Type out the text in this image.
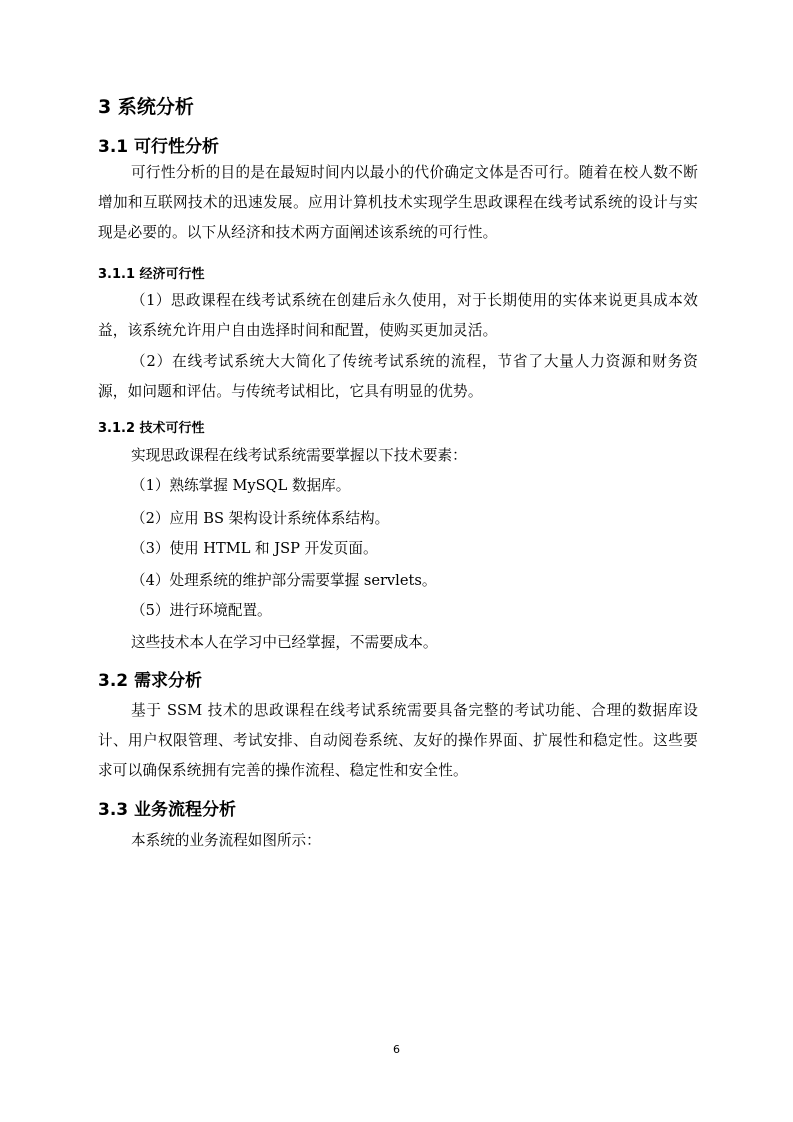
3 系统分析
3.1 可行性分析
可行性分析的目的是在最短时间内以最小的代价确定文体是否可行。随着在校人数不断增加和互联网技术的迅速发展。应用计算机技术实现学生思政课程在线考试系统的设计与实现是必要的。以下从经济和技术两方面阐述该系统的可行性。
3.1.1 经济可行性
（1）思政课程在线考试系统在创建后永久使用，对于长期使用的实体来说更具成本效益，该系统允许用户自由选择时间和配置，使购买更加灵活。
（2）在线考试系统大大简化了传统考试系统的流程，节省了大量人力资源和财务资源，如问题和评估。与传统考试相比，它具有明显的优势。
3.1.2 技术可行性
实现思政课程在线考试系统需要掌握以下技术要素：
（1）熟练掌握 MySQL 数据库。
（2）应用 BS 架构设计系统体系结构。
（3）使用 HTML 和 JSP 开发页面。
（4）处理系统的维护部分需要掌握 servlets。
（5）进行环境配置。
这些技术本人在学习中已经掌握，不需要成本。
3.2 需求分析
基于 SSM 技术的思政课程在线考试系统需要具备完整的考试功能、合理的数据库设计、用户权限管理、考试安排、自动阅卷系统、友好的操作界面、扩展性和稳定性。这些要求可以确保系统拥有完善的操作流程、稳定性和安全性。
3.3 业务流程分析
本系统的业务流程如图所示：
6
